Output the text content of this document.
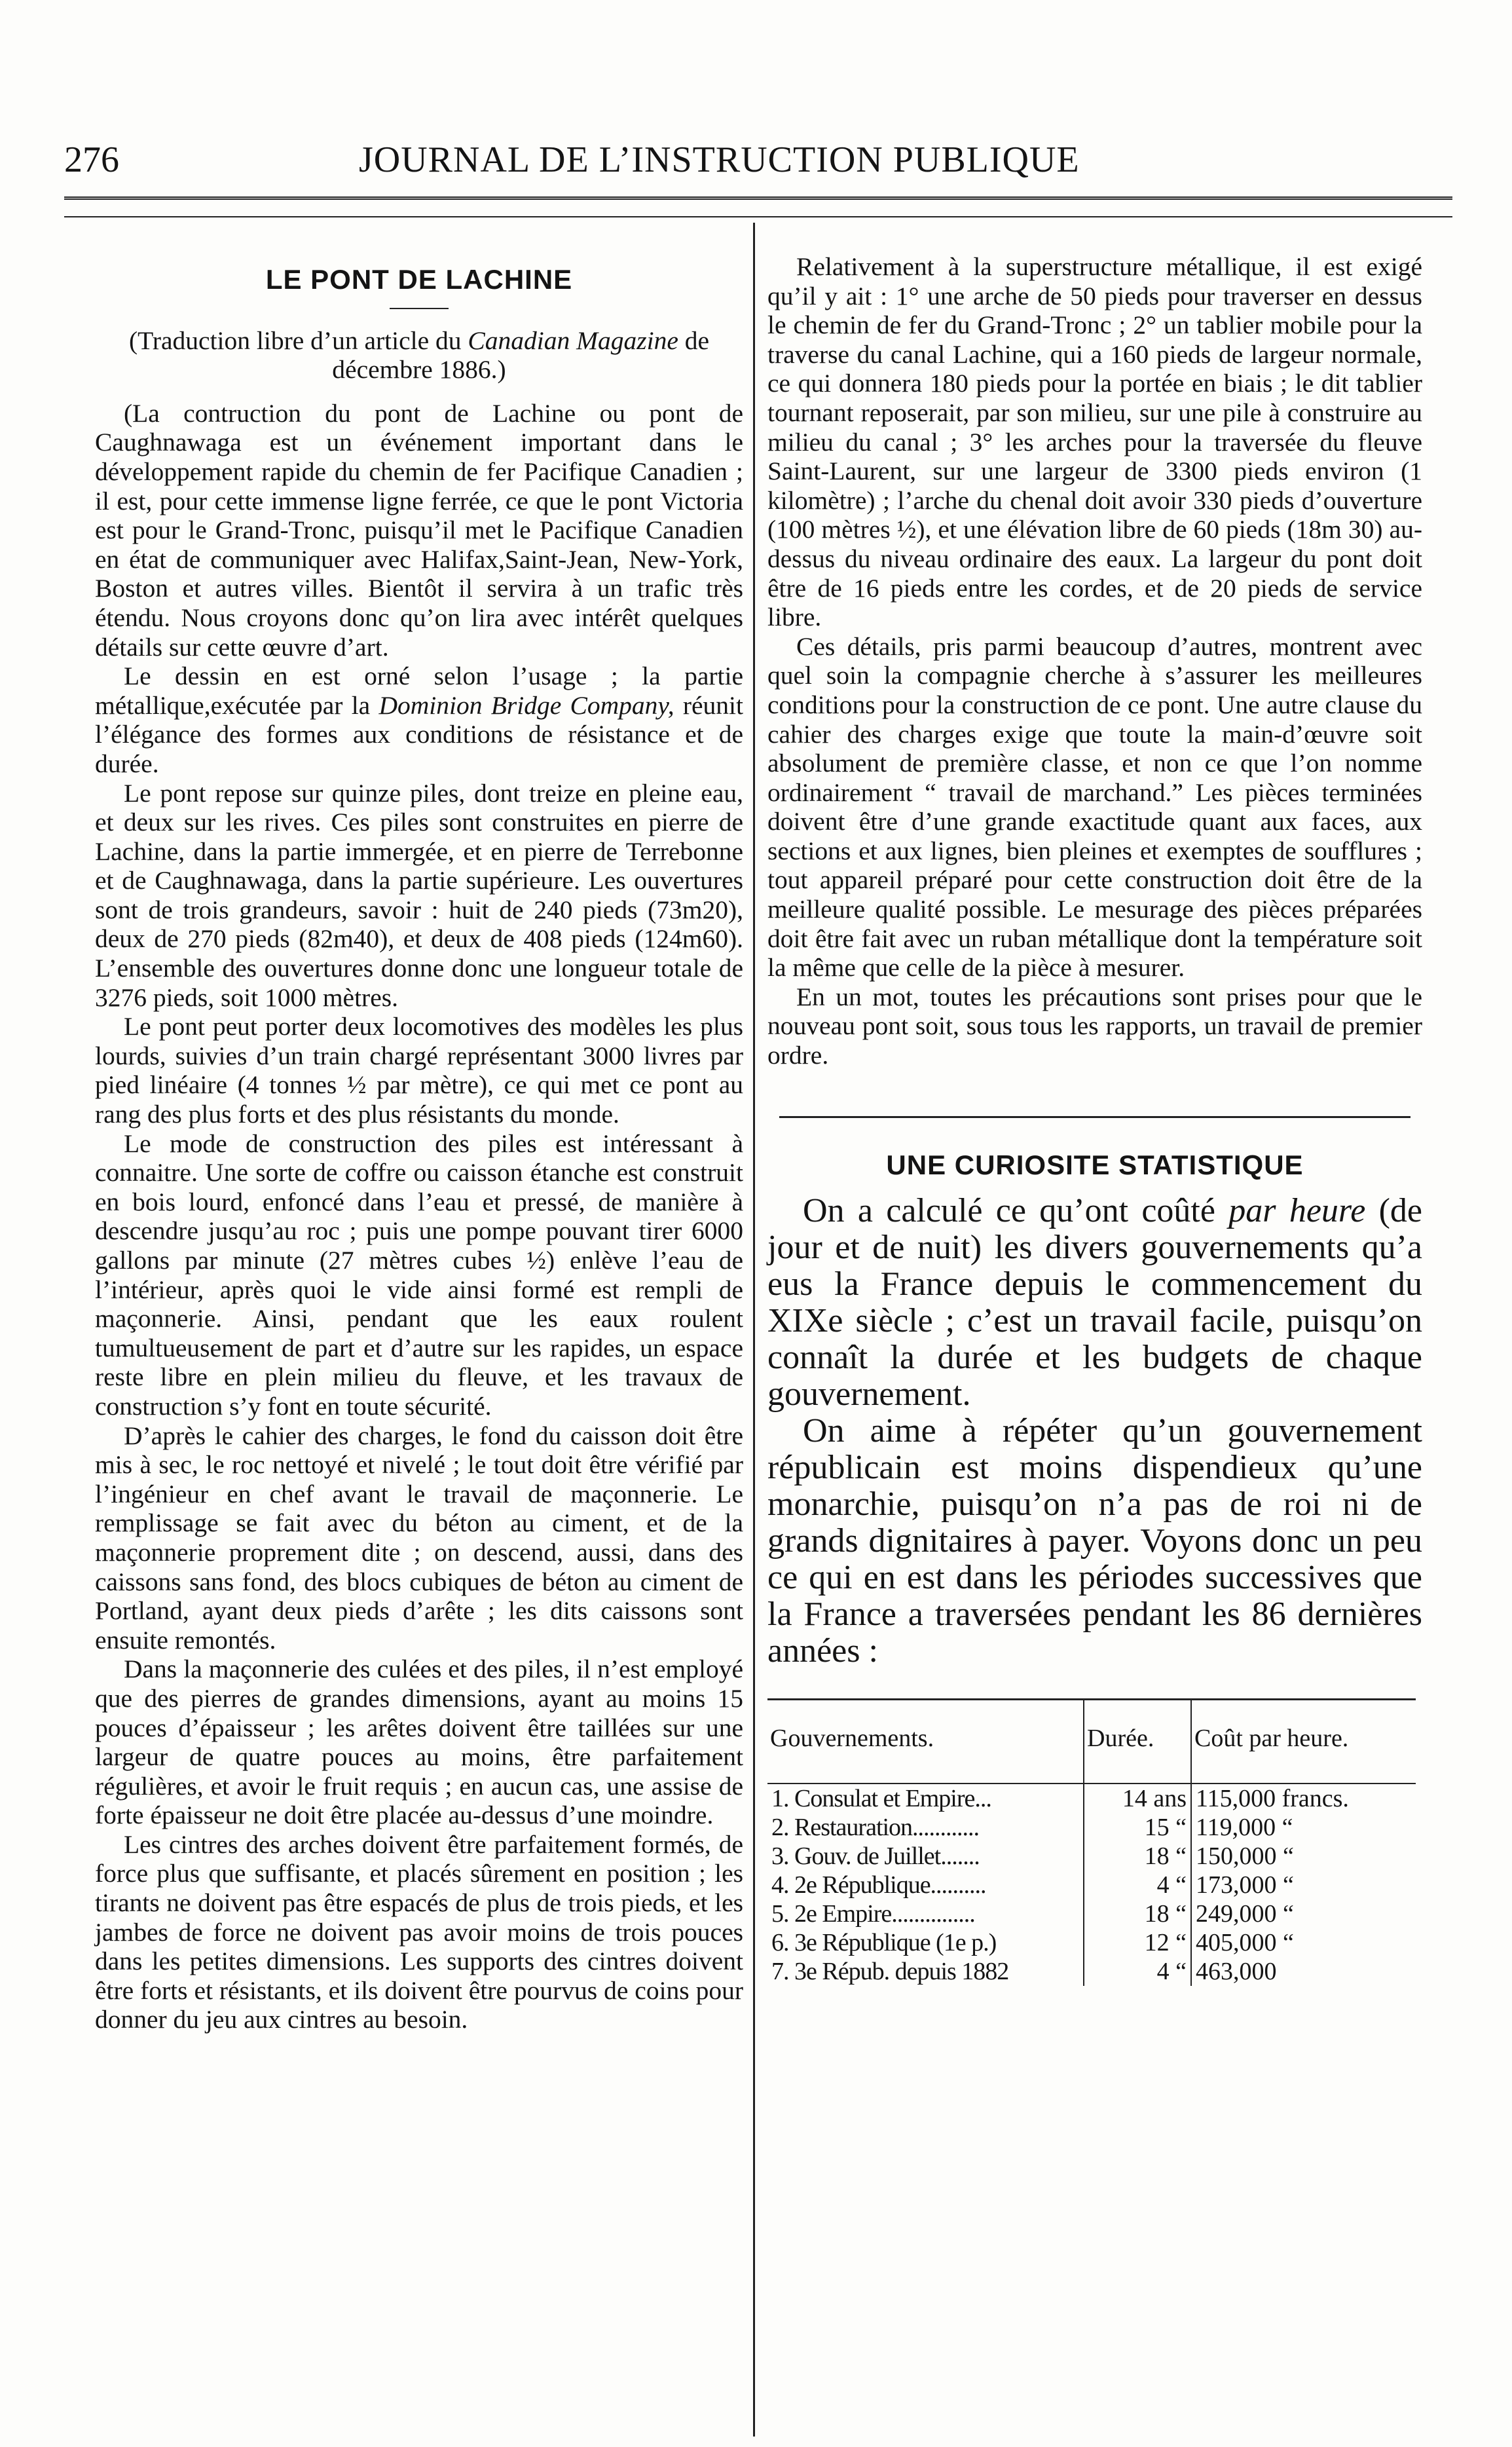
276	JOURNAL DE L’INSTRUCTION PUBLIQUE
LE PONT DE LACHINE
(Traduction libre d’un article du Canadian Magazine de décembre 1886.)

(La contruction du pont de Lachine ou pont de Caughnawaga est un événement important dans le développement rapide du chemin de fer Pacifique Canadien ; il est, pour cette immense ligne ferrée, ce que le pont Victoria est pour le Grand-Tronc, puisqu’il met le Pacifique Canadien en état de communiquer avec Halifax,Saint-Jean, New-York, Boston et autres villes. Bientôt il servira à un trafic très étendu. Nous croyons donc qu’on lira avec intérêt quelques détails sur cette œuvre d’art.

Le dessin en est orné selon l’usage ; la partie métallique,exécutée par la Dominion Bridge Company, réunit l’élégance des formes aux conditions de résistance et de durée.

Le pont repose sur quinze piles, dont treize en pleine eau, et deux sur les rives. Ces piles sont construites en pierre de Lachine, dans la partie immergée, et en pierre de Terrebonne et de Caughnawaga, dans la partie supérieure. Les ouvertures sont de trois grandeurs, savoir : huit de 240 pieds (73m20), deux de 270 pieds (82m40), et deux de 408 pieds (124m60). L’ensemble des ouvertures donne donc une longueur totale de 3276 pieds, soit 1000 mètres.

Le pont peut porter deux locomotives des modèles les plus lourds, suivies d’un train chargé représentant 3000 livres par pied linéaire (4 tonnes ½ par mètre), ce qui met ce pont au rang des plus forts et des plus résistants du monde.

Le mode de construction des piles est intéressant à connaitre. Une sorte de coffre ou caisson étanche est construit en bois lourd, enfoncé dans l’eau et pressé, de manière à descendre jusqu’au roc ; puis une pompe pouvant tirer 6000 gallons par minute (27 mètres cubes ½) enlève l’eau de l’intérieur, après quoi le vide ainsi formé est rempli de maçonnerie. Ainsi, pendant que les eaux roulent tumultueusement de part et d’autre sur les rapides, un espace reste libre en plein milieu du fleuve, et les travaux de construction s’y font en toute sécurité.

D’après le cahier des charges, le fond du caisson doit être mis à sec, le roc nettoyé et nivelé ; le tout doit être vérifié par l’ingénieur en chef avant le travail de maçonnerie. Le remplissage se fait avec du béton au ciment, et de la maçonnerie proprement dite ; on descend, aussi, dans des caissons sans fond, des blocs cubiques de béton au ciment de Portland, ayant deux pieds d’arête ; les dits caissons sont ensuite remontés.

Dans la maçonnerie des culées et des piles, il n’est employé que des pierres de grandes dimensions, ayant au moins 15 pouces d’épaisseur ; les arêtes doivent être taillées sur une largeur de quatre pouces au moins, être parfaitement régulières, et avoir le fruit requis ; en aucun cas, une assise de forte épaisseur ne doit être placée au-dessus d’une moindre.

Les cintres des arches doivent être parfaitement formés, de force plus que suffisante, et placés sûrement en position ; les tirants ne doivent pas être espacés de plus de trois pieds, et les jambes de force ne doivent pas avoir moins de trois pouces dans les petites dimensions. Les supports des cintres doivent être forts et résistants, et ils doivent être pourvus de coins pour donner du jeu aux cintres au besoin.

Relativement à la superstructure métallique, il est exigé qu’il y ait : 1° une arche de 50 pieds pour traverser en dessus le chemin de fer du Grand-Tronc ; 2° un tablier mobile pour la traverse du canal Lachine, qui a 160 pieds de largeur normale, ce qui donnera 180 pieds pour la portée en biais ; le dit tablier tournant reposerait, par son milieu, sur une pile à construire au milieu du canal ; 3° les arches pour la traversée du fleuve Saint-Laurent, sur une largeur de 3300 pieds environ (1 kilomètre) ; l’arche du chenal doit avoir 330 pieds d’ouverture (100 mètres ½), et une élévation libre de 60 pieds (18m 30) au-dessus du niveau ordinaire des eaux. La largeur du pont doit être de 16 pieds entre les cordes, et de 20 pieds de service libre.

Ces détails, pris parmi beaucoup d’autres, montrent avec quel soin la compagnie cherche à s’assurer les meilleures conditions pour la construction de ce pont. Une autre clause du cahier des charges exige que toute la main-d’œuvre soit absolument de première classe, et non ce que l’on nomme ordinairement “ travail de marchand.” Les pièces terminées doivent être d’une grande exactitude quant aux faces, aux sections et aux lignes, bien pleines et exemptes de soufflures ; tout appareil préparé pour cette construction doit être de la meilleure qualité possible. Le mesurage des pièces préparées doit être fait avec un ruban métallique dont la température soit la même que celle de la pièce à mesurer.

En un mot, toutes les précautions sont prises pour que le nouveau pont soit, sous tous les rapports, un travail de premier ordre.

UNE CURIOSITE STATISTIQUE

On a calculé ce qu’ont coûté par heure (de jour et de nuit) les divers gouvernements qu’a eus la France depuis le commencement du XIXe siècle ; c’est un travail facile, puisqu’on connaît la durée et les budgets de chaque gouvernement.

On aime à répéter qu’un gouvernement républicain est moins dispendieux qu’une monarchie, puisqu’on n’a pas de roi ni de grands dignitaires à payer. Voyons donc un peu ce qui en est dans les périodes successives que la France a traversées pendant les 86 dernières années :

Gouvernements.	Durée.	Coût par heure.
1. Consulat et Empire...	14 ans	115,000 francs.
2. Restauration............	15 “	119,000 “
3. Gouv. de Juillet.......	18 “	150,000 “
4. 2e République..........	4 “	173,000 “
5. 2e Empire...............	18 “	249,000 “
6. 3e République (1e p.)	12 “	405,000 “
7. 3e Répub. depuis 1882	4 “	463,000
